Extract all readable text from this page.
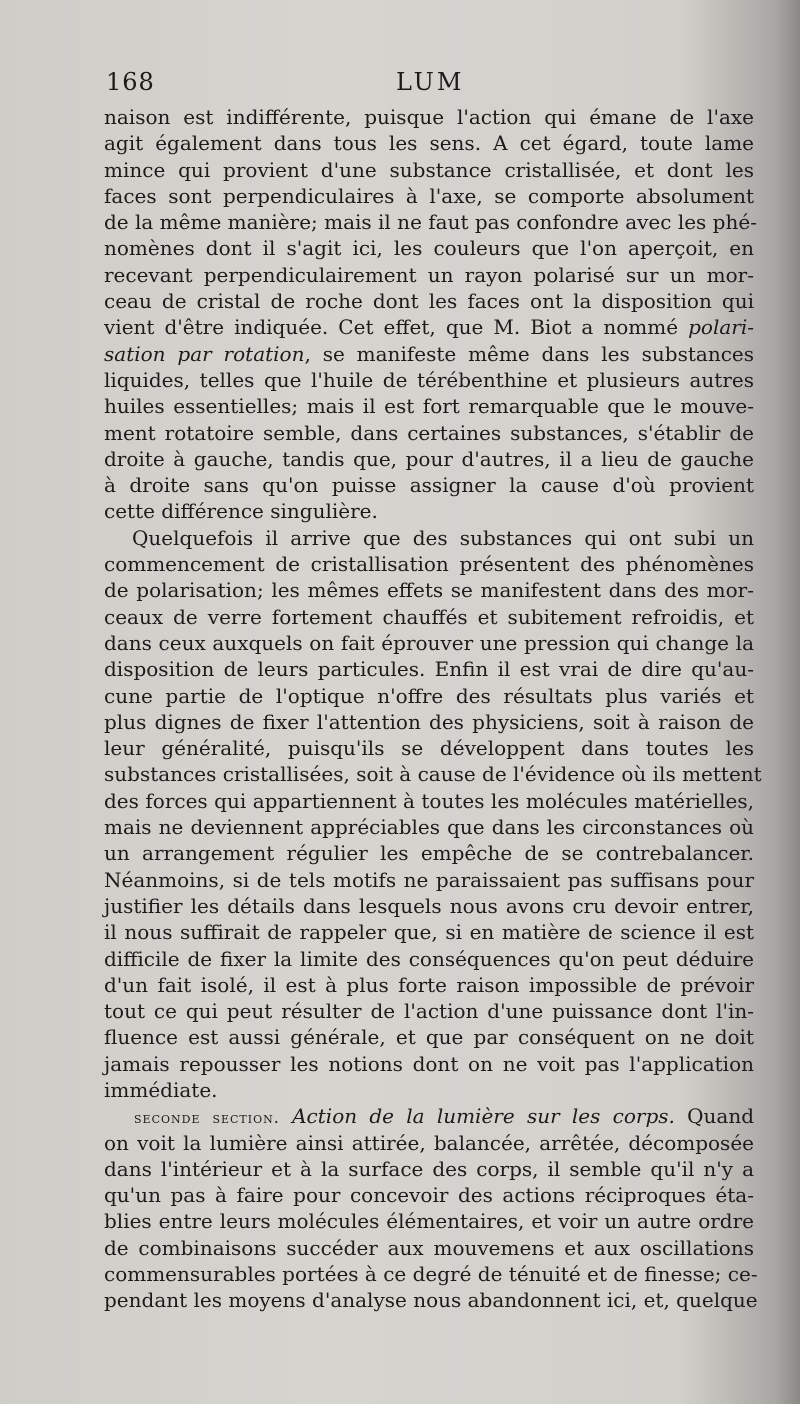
168	LUM
naison est indifférente, puisque l'action qui émane de l'axe
agit également dans tous les sens. A cet égard, toute lame
mince qui provient d'une substance cristallisée, et dont les
faces sont perpendiculaires à l'axe, se comporte absolument
de la même manière; mais il ne faut pas confondre avec les phé-
nomènes dont il s'agit ici, les couleurs que l'on aperçoit, en
recevant perpendiculairement un rayon polarisé sur un mor-
ceau de cristal de roche dont les faces ont la disposition qui
vient d'être indiquée. Cet effet, que M. Biot a nommé polari-
sation par rotation, se manifeste même dans les substances
liquides, telles que l'huile de térébenthine et plusieurs autres
huiles essentielles; mais il est fort remarquable que le mouve-
ment rotatoire semble, dans certaines substances, s'établir de
droite à gauche, tandis que, pour d'autres, il a lieu de gauche
à droite sans qu'on puisse assigner la cause d'où provient
cette différence singulière.
Quelquefois il arrive que des substances qui ont subi un
commencement de cristallisation présentent des phénomènes
de polarisation; les mêmes effets se manifestent dans des mor-
ceaux de verre fortement chauffés et subitement refroidis, et
dans ceux auxquels on fait éprouver une pression qui change la
disposition de leurs particules. Enfin il est vrai de dire qu'au-
cune partie de l'optique n'offre des résultats plus variés et
plus dignes de fixer l'attention des physiciens, soit à raison de
leur généralité, puisqu'ils se développent dans toutes les
substances cristallisées, soit à cause de l'évidence où ils mettent
des forces qui appartiennent à toutes les molécules matérielles,
mais ne deviennent appréciables que dans les circonstances où
un arrangement régulier les empêche de se contrebalancer.
Néanmoins, si de tels motifs ne paraissaient pas suffisans pour
justifier les détails dans lesquels nous avons cru devoir entrer,
il nous suffirait de rappeler que, si en matière de science il est
difficile de fixer la limite des conséquences qu'on peut déduire
d'un fait isolé, il est à plus forte raison impossible de prévoir
tout ce qui peut résulter de l'action d'une puissance dont l'in-
fluence est aussi générale, et que par conséquent on ne doit
jamais repousser les notions dont on ne voit pas l'application
immédiate.
seconde section. Action de la lumière sur les corps. Quand
on voit la lumière ainsi attirée, balancée, arrêtée, décomposée
dans l'intérieur et à la surface des corps, il semble qu'il n'y a
qu'un pas à faire pour concevoir des actions réciproques éta-
blies entre leurs molécules élémentaires, et voir un autre ordre
de combinaisons succéder aux mouvemens et aux oscillations
commensurables portées à ce degré de ténuité et de finesse; ce-
pendant les moyens d'analyse nous abandonnent ici, et, quelque
